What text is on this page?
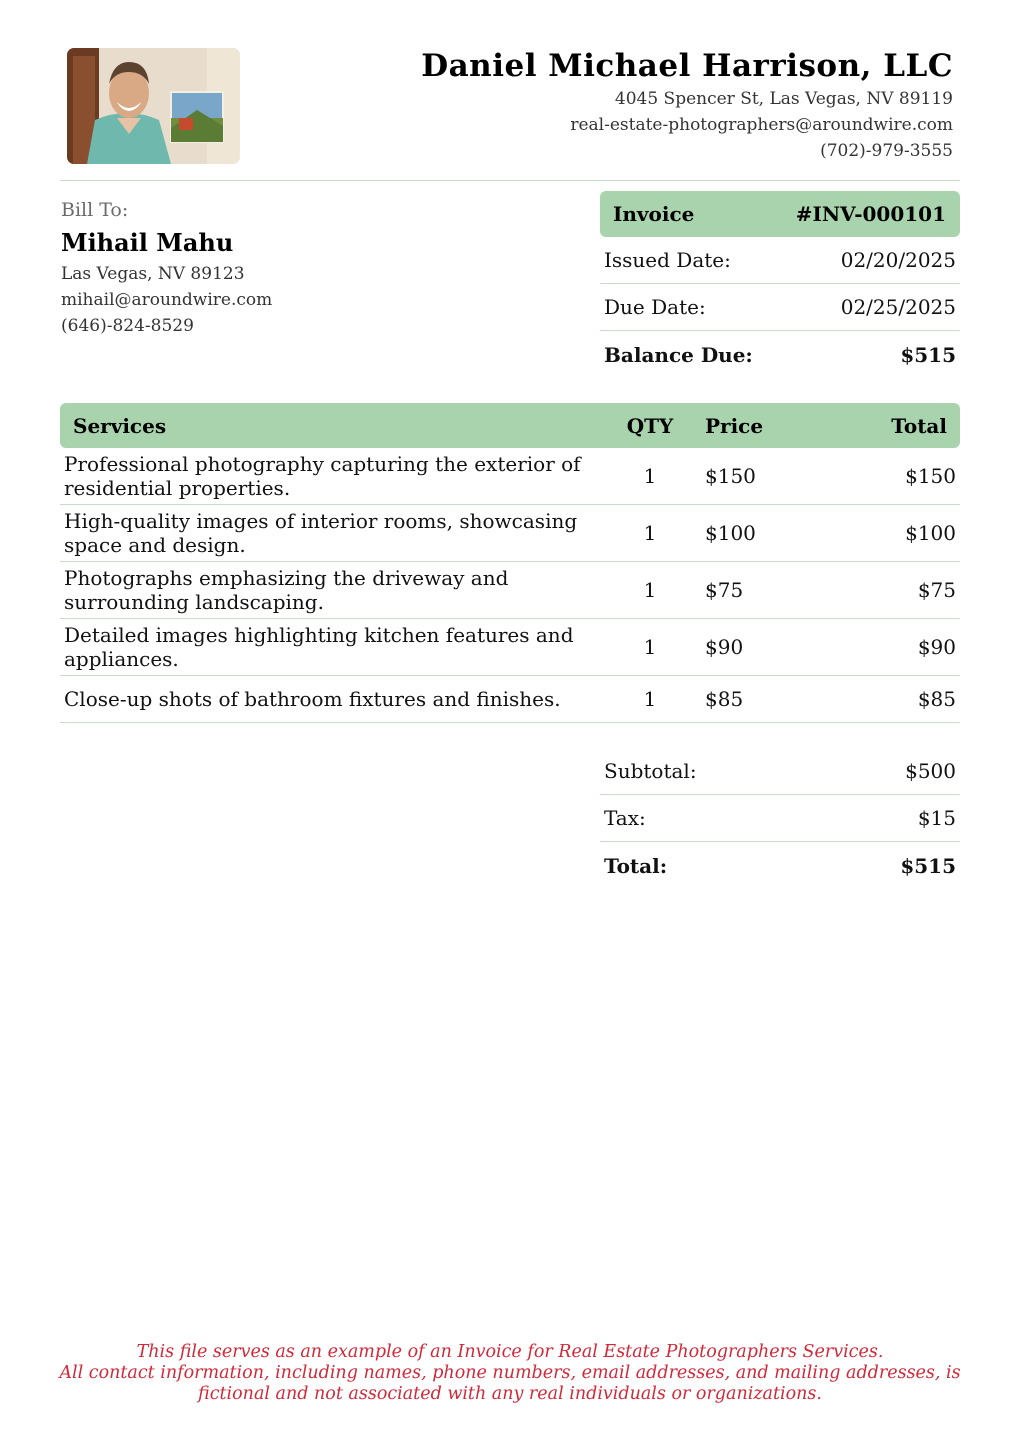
Daniel Michael Harrison, LLC
4045 Spencer St, Las Vegas, NV 89119
real-estate-photographers@aroundwire.com
(702)-979-3555
Bill To:
Mihail Mahu
Las Vegas, NV 89123
mihail@aroundwire.com
(646)-824-8529
Invoice	#INV-000101
Issued Date:	02/20/2025
Due Date:	02/25/2025
Balance Due:	$515
Services	QTY	Price	Total
Professional photography capturing the exterior of residential properties.	1	$150	$150
High-quality images of interior rooms, showcasing space and design.	1	$100	$100
Photographs emphasizing the driveway and surrounding landscaping.	1	$75	$75
Detailed images highlighting kitchen features and appliances.	1	$90	$90
Close-up shots of bathroom fixtures and finishes.	1	$85	$85
Subtotal:	$500
Tax:	$15
Total:	$515
This file serves as an example of an Invoice for Real Estate Photographers Services.
All contact information, including names, phone numbers, email addresses, and mailing addresses, is
fictional and not associated with any real individuals or organizations.
